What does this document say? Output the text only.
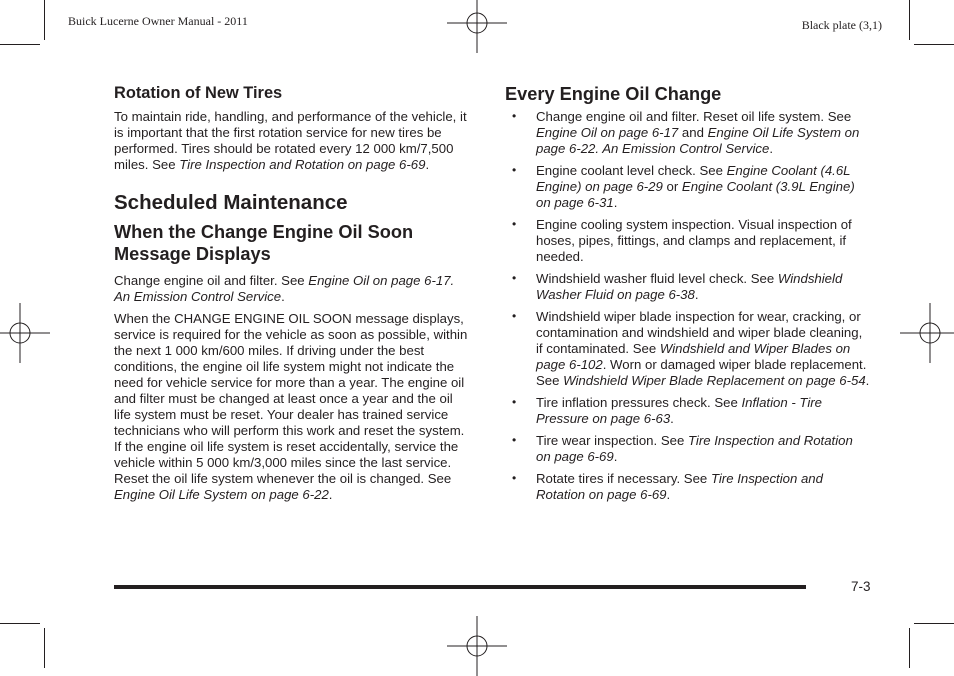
Buick Lucerne Owner Manual - 2011	Black plate (3,1)
Rotation of New Tires
To maintain ride, handling, and performance of the vehicle, it is important that the first rotation service for new tires be performed. Tires should be rotated every 12 000 km/7,500 miles. See Tire Inspection and Rotation on page 6-69.
Scheduled Maintenance
When the Change Engine Oil Soon Message Displays
Change engine oil and filter. See Engine Oil on page 6-17. An Emission Control Service.
When the CHANGE ENGINE OIL SOON message displays, service is required for the vehicle as soon as possible, within the next 1 000 km/600 miles. If driving under the best conditions, the engine oil life system might not indicate the need for vehicle service for more than a year. The engine oil and filter must be changed at least once a year and the oil life system must be reset. Your dealer has trained service technicians who will perform this work and reset the system. If the engine oil life system is reset accidentally, service the vehicle within 5 000 km/3,000 miles since the last service. Reset the oil life system whenever the oil is changed. See Engine Oil Life System on page 6-22.
Every Engine Oil Change
• Change engine oil and filter. Reset oil life system. See Engine Oil on page 6-17 and Engine Oil Life System on page 6-22. An Emission Control Service.
• Engine coolant level check. See Engine Coolant (4.6L Engine) on page 6-29 or Engine Coolant (3.9L Engine) on page 6-31.
• Engine cooling system inspection. Visual inspection of hoses, pipes, fittings, and clamps and replacement, if needed.
• Windshield washer fluid level check. See Windshield Washer Fluid on page 6-38.
• Windshield wiper blade inspection for wear, cracking, or contamination and windshield and wiper blade cleaning, if contaminated. See Windshield and Wiper Blades on page 6-102. Worn or damaged wiper blade replacement. See Windshield Wiper Blade Replacement on page 6-54.
• Tire inflation pressures check. See Inflation - Tire Pressure on page 6-63.
• Tire wear inspection. See Tire Inspection and Rotation on page 6-69.
• Rotate tires if necessary. See Tire Inspection and Rotation on page 6-69.
7-3
